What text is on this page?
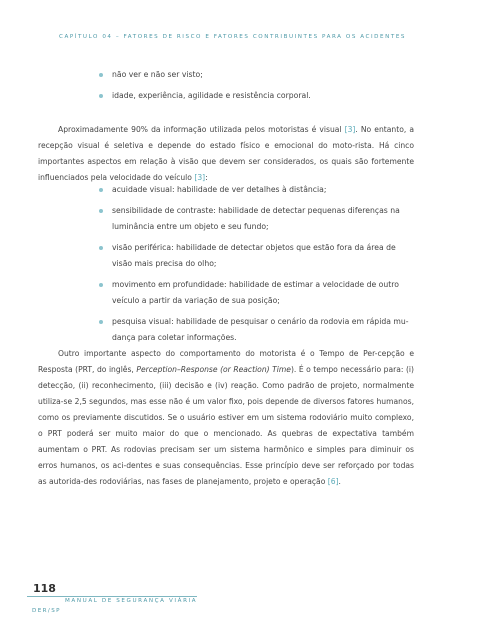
CAPÍTULO 04 – FATORES DE RISCO E FATORES CONTRIBUINTES PARA OS ACIDENTES
não ver e não ser visto;
idade, experiência, agilidade e resistência corporal.

Aproximadamente 90% da informação utilizada pelos motoristas é visual [3]. No entanto, a recepção visual é seletiva e depende do estado físico e emocional do moto-rista. Há cinco importantes aspectos em relação à visão que devem ser considerados, os quais são fortemente influenciados pela velocidade do veículo [3]:

acuidade visual: habilidade de ver detalhes à distância;
sensibilidade de contraste: habilidade de detectar pequenas diferenças na luminância entre um objeto e seu fundo;
visão periférica: habilidade de detectar objetos que estão fora da área de visão mais precisa do olho;
movimento em profundidade: habilidade de estimar a velocidade de outro veículo a partir da variação de sua posição;
pesquisa visual: habilidade de pesquisar o cenário da rodovia em rápida mu-dança para coletar informações.

Outro importante aspecto do comportamento do motorista é o Tempo de Per-cepção e Resposta (PRT, do inglês, Perception–Response (or Reaction) Time). É o tempo necessário para: (i) detecção, (ii) reconhecimento, (iii) decisão e (iv) reação. Como padrão de projeto, normalmente utiliza-se 2,5 segundos, mas esse não é um valor fixo, pois depende de diversos fatores humanos, como os previamente discutidos. Se o usuário estiver em um sistema rodoviário muito complexo, o PRT poderá ser muito maior do que o mencionado. As quebras de expectativa também aumentam o PRT. As rodovias precisam ser um sistema harmônico e simples para diminuir os erros humanos, os aci-dentes e suas consequências. Esse princípio deve ser reforçado por todas as autorida-des rodoviárias, nas fases de planejamento, projeto e operação [6].

118
MANUAL DE SEGURANÇA VIÁRIA
DER/SP
